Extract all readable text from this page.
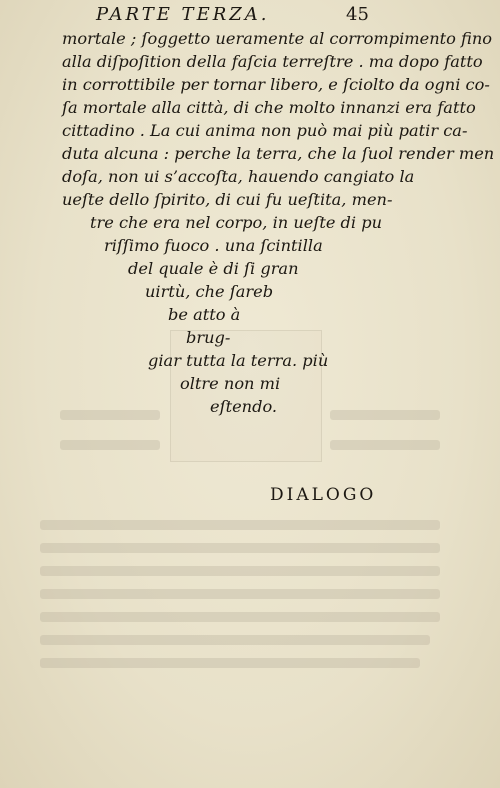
PARTE TERZA.	45
mortale ; ſoggetto ueramente al corrompimento fino
alla diſpoſition della faſcia terreſtre . ma dopo fatto
in corrottibile per tornar libero, e ſciolto da ogni co-
ſa mortale alla città, di che molto innanzi era fatto
cittadino . La cui anima non può mai più patir ca-
duta alcuna : perche la terra, che la ſuol render men
doſa, non ui s’accoſta, hauendo cangiato la
ueſte dello ſpirito, di cui fu ueſtita, men-
tre che era nel corpo, in ueſte di pu
riſſimo fuoco . una ſcintilla
del quale è di ſi gran
uirtù, che ſareb
be atto à
brug-
giar tutta la terra. più
oltre non mi
eſtendo.
DIALOGO
